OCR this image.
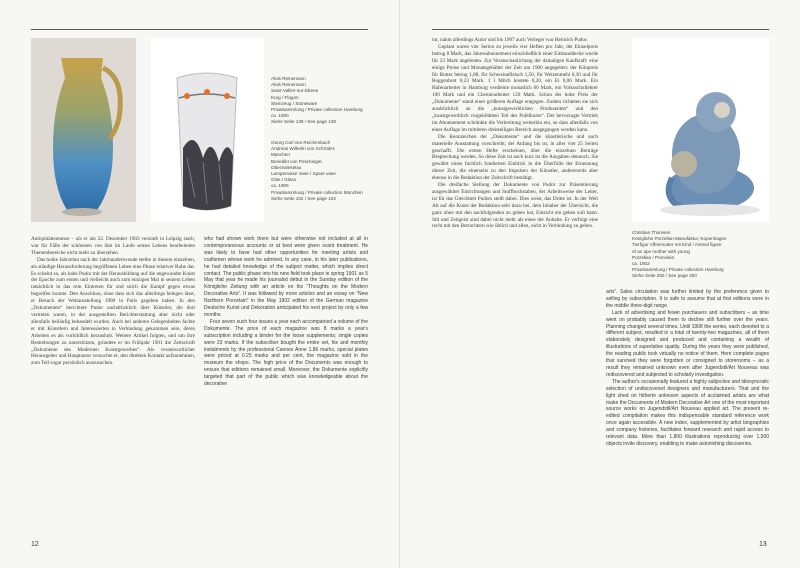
Alois Reinemann
Alois Reinemann
Saint-Vallier-sur-Ebene
Krug / Flagon
Steinzeug / Stoneware
Privatsammlung / Private collection Hamburg
ca. 1900
Siehe Seite 138 / See page 138
Georg Carl von Reichenbach
Andreas Wilhelm von Schröder,
München
Benedikt von Poschinger,
Oberzwieselau
Lampenvase Vase / Spare vase
Glas / Glass
ca. 1905
Privatsammlung / Private collection München
Siehe Seite 102 / See page 102

Antiquitätenmesse – als er am 22. Dezember 1903 verstarb in Leipzig starb, war für Fälle der schönsten von ihm im Laufe seines Lebens bearbeiteten Themenbereiche nicht mehr zu übersehen.

Das hohle Jahrzehnt nach der Jahrhundertwende stellte in diesem einzelnen, als ständige Herausforderung begriffenen Leben eine Phase relativer Ruhe dar. Es scheint so, als habe Pudor mit der Herausbildung auf die angewandte Kunst der Epoche zum ersten und vielleicht auch zum einzigen Mal in seinem Leben tatsächlich in das rein Eintreten für und solch die Kampf gegen etwas begreifen konnte. Den Anschluss, ohne dass sich das allerdings belegen lässt, er Besuch der Weltausstellung 1900 in Paris gegeben haben. In den „Dokumenten“ berichtete Pudor nachdrücklich über Künstler, die dort vertreten waren, in der ausgestellten Berichterstattung aber nicht oder allenfalls beiläufig behandelt wurden. Auch bei anderen Gelegenheiten fachte er mit Künstlern und Interessierten in Verbindung gekommen sein, deren Arbeiten es als vorbildlich heraushob. Weitere Artikel folgten, und um ihre Bestrebungen zu unterstützen, gründete er im Frühjahr 1901 die Zeitschrift „Dokumente des Modernen Kunstgewerbes“. Als verantwortlicher Herausgeber und Hauptautor versuchte er, den direkten Kontakt aufzunehmen, zum Teil sogar persönlich auszusuchen.

who had shown work there but were otherwise not included at all in contemporaneous accounts or at best were given scant treatment. He was likely to have had other opportunities for meeting artists and craftsmen whose work he admired. In any case, in his later publications, he had detailed knowledge of the subject matter, which implies direct contact. The public phase into his new field took place in spring 1901 as 5 May that year he made his journalist debut in the Sunday edition of the Königliche Zeitung with an article on his “Thoughts on the Modern Decorative Arts”. It was followed by more articles and an essay on “New Northern Porcelain” in the May 1902 edition of the German magazine Deutsche Kunst und Dekoration anticipated his next project by only a few months.

Four seven such four issues a year each accompanied a volume of the Dokumente. The price of each magazine was 8 marks a year's subscription including a binder for the loose supplements; single copies were 23 marks. If the subscriber bought the entire set, his and monthly instalments by the professional Cannes Anne 1.86 marks, special plates were priced at 0.25 marks and per cent, the magazine sold in the museum the shops. The high price of the Documents was enough to ensure that editions remained small. Moreover, the Dokumente explicitly targeted that part of the public which was knowledgeable about the decorative

12

tur, nahm allerdings Autor und bis 1907 auch Verleger war Heinrich Pudor.

Geplant waren vier Serien zu jeweils vier Heften pro Jahr, der Einzelpreis betrug 8 Mark, das Jahresabonnement einschließlich einer Einbanddecke wurde für 23 Mark angeboten. Zur Veranschaulichung der damaligen Kaufkraft: eine einige Preise und Monatsgehälter der Zeit um 1900 angegeben: der Kilopreis für Butter betrug 1,88, für Schweinefleisch 1,50, für Weizenmehl 0,30 und für Roggenbrot 0,23 Mark. 1 l Milch kostete 0,20, ein Ei 0,06 Mark. Ein Hafenarbeiter in Hamburg verdiente monatlich 60 Mark, ein Volksschullehrer 100 Mark und ein Chemiearbeiter 120 Mark. Schon der hohe Preis der „Dokumente“ stand einer größeren Auflage entgegen. Zudem richteten sie sich ausdrücklich an die „kunstgewerblichen Produzenten“ und den „kunstgewerblich vorgebildeten Teil des Publikums“. Der bevorzugte Vertrieb im Abonnement schränkte die Verbreitung weiterhin ein, so dass allenfalls von einer Auflage im mittleren dreistelligen Bereich ausgegangen werden kann.

Die Kennzeichen der „Dokumente“ und die künstlerische und auch materielle Ausstattung vorschreibt, der Anfang bis ist, in aller vier 25 Seiten geschafft. Die ersten Hefte erscheinen, über die einzelnen Beiträge Besprechung werden. So diese Zeit ist auch kurz ist die Ausgaben dennoch. Sie gewährt einen fachlich fundierten Einblick in die Überfülle der Ernennung dieser Zeit, die einerseits zu den Impulsen der Künstler, andererseits aber ebenso in die Redaktion der Zeitschrift bestätigt.

Die dreifache Stellung der Dokumente von Pudor zur Präsentierung ausgewählter Einrichtungen und Stoffbuchstaben, der Arbeitsweise der Leiter, ist für das Gleichheit Pudors stellt dabei. Dies weist, das Dritte ist. In der Welt Alt auf die Kunst der Redaktion sehr dazu bei, dem Inhaber der Übersicht, die ganz ohne mit den nachfolgenden zu geben hat, Einsicht ein gehen soll kann. Stil und Zeitgeist sind dabei nicht mehr als eines der Anhalte. Er verfolgt eine recht mit den Betrachtern wie üblich und allen, nicht in Verbindung zu geben.

Christian Thomsen
Königliche Porzellan-Manufaktur, Kopenhagen
Tierfigur Affenmutter mit Kind / Animal figure
of an ape mother with young
Porzellan / Porcelain
ca. 1902
Privatsammlung / Private collection Hamburg
Siehe Seite 250 / See page 250

arts”. Sales circulation was further limited by the preference given to selling by subscription. It is safe to assume that at first editions were in the middle three-digit range.

Lack of advertising and fewer purchasers and subscribers – as time went on probably caused them to decline still further over the years. Planning changed several times. Until 1908 the series, each devoted to a different subject, resulted in a total of twenty-two magazines, all of them elaborately designed and produced and containing a wealth of illustrations of superlative quality. During the years they were published, the reading public took virtually no notice of them. Here complete pages that survived they were forgotten or consigned to storerooms – as a result they remained unknown even after Jugendstil/Art Nouveau was rediscovered and subjected to scholarly investigation.

The author's occasionally featured a highly subjective and idiosyncratic selection of undiscovered designers and manufacturers. That and the light shed on hitherto unknown aspects of acclaimed artists are what make the Documents of Modern Decorative Art one of the most important source works on Jugendstil/Art Nouveau applied art. The present re-edited compilation makes this indispensable standard reference work once again accessible. A new index, supplemented by artist biographies and company histories, facilitates forward research and rapid access to relevant data. More than 1,800 illustrations reproducing over 1,500 objects invite discovery, enabling to make astonishing discoveries.

13
